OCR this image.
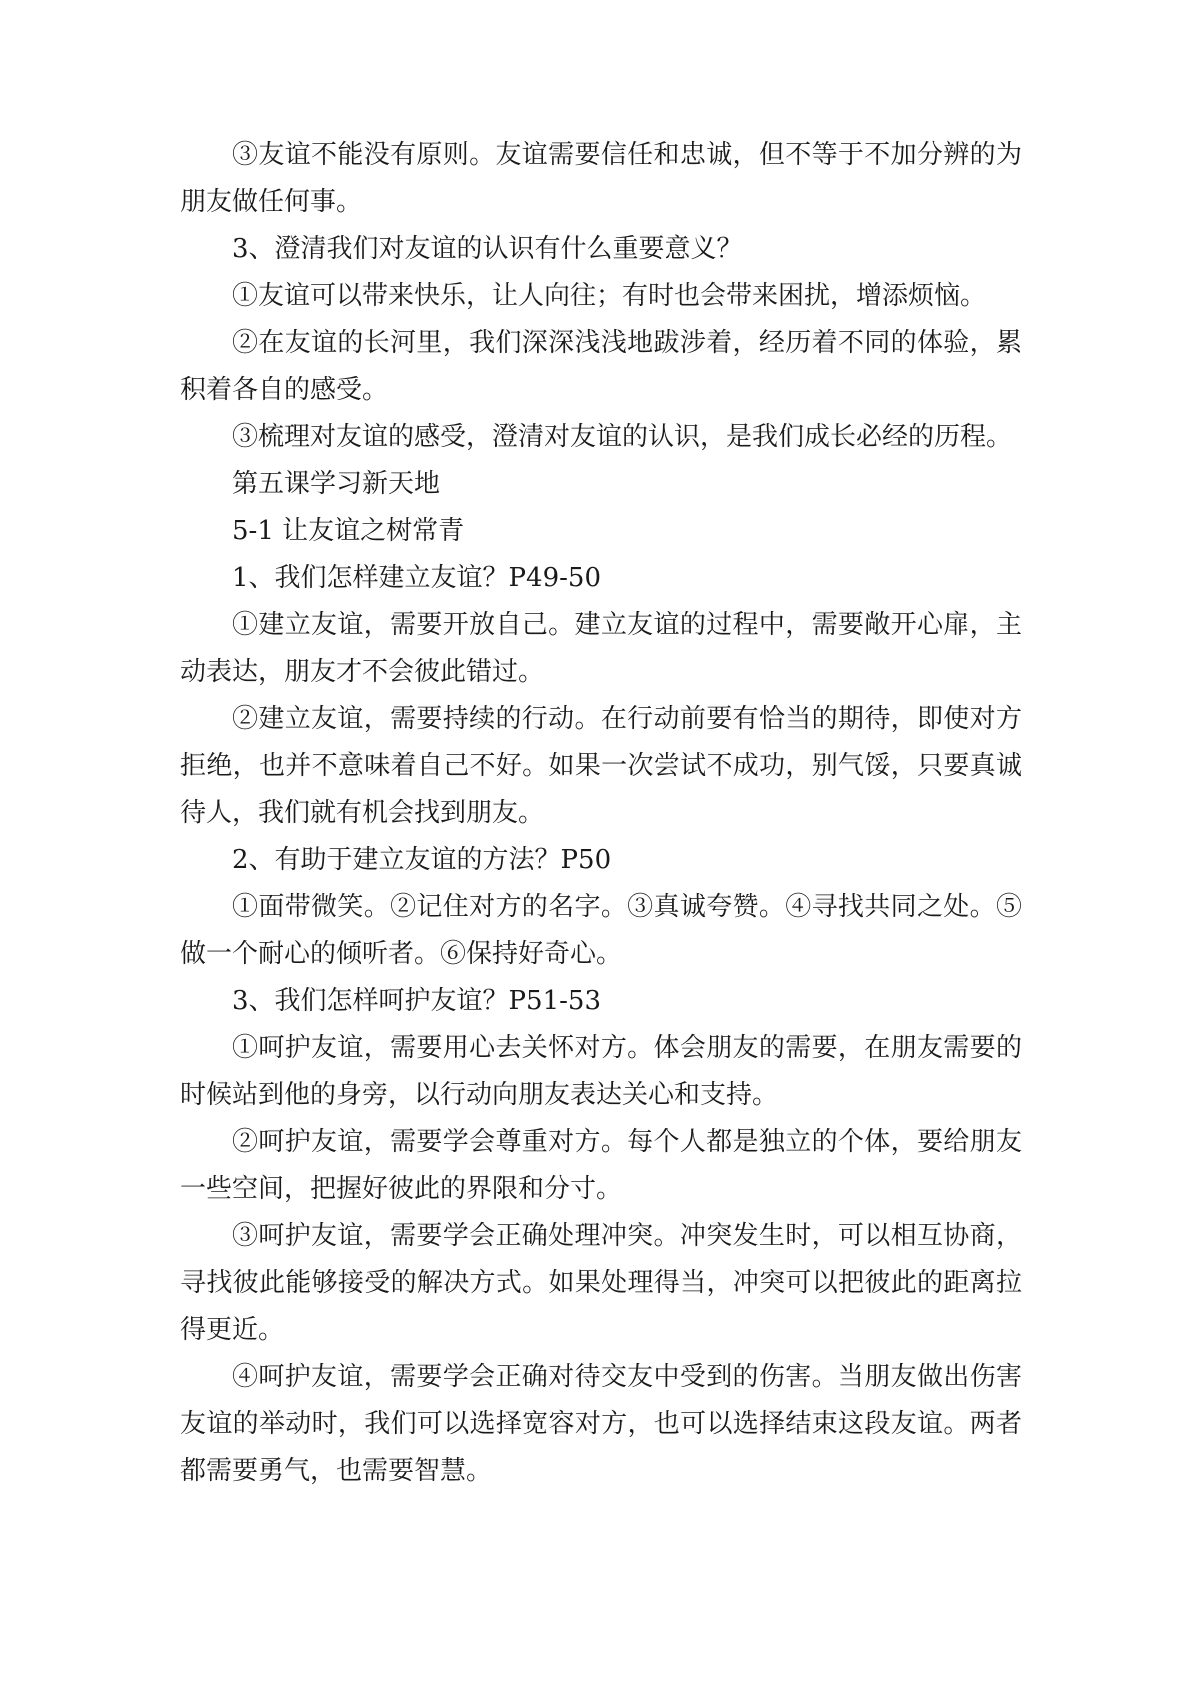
③友谊不能没有原则。友谊需要信任和忠诚，但不等于不加分辨的为朋友做任何事。

3、澄清我们对友谊的认识有什么重要意义？

①友谊可以带来快乐，让人向往；有时也会带来困扰，增添烦恼。

②在友谊的长河里，我们深深浅浅地跋涉着，经历着不同的体验，累积着各自的感受。

③梳理对友谊的感受，澄清对友谊的认识，是我们成长必经的历程。

第五课学习新天地

5-1 让友谊之树常青

1、我们怎样建立友谊？P49-50

①建立友谊，需要开放自己。建立友谊的过程中，需要敞开心扉，主动表达，朋友才不会彼此错过。

②建立友谊，需要持续的行动。在行动前要有恰当的期待，即使对方拒绝，也并不意味着自己不好。如果一次尝试不成功，别气馁，只要真诚待人，我们就有机会找到朋友。

2、有助于建立友谊的方法？P50

①面带微笑。②记住对方的名字。③真诚夸赞。④寻找共同之处。⑤做一个耐心的倾听者。⑥保持好奇心。

3、我们怎样呵护友谊？P51-53

①呵护友谊，需要用心去关怀对方。体会朋友的需要，在朋友需要的时候站到他的身旁，以行动向朋友表达关心和支持。

②呵护友谊，需要学会尊重对方。每个人都是独立的个体，要给朋友一些空间，把握好彼此的界限和分寸。

③呵护友谊，需要学会正确处理冲突。冲突发生时，可以相互协商，寻找彼此能够接受的解决方式。如果处理得当，冲突可以把彼此的距离拉得更近。

④呵护友谊，需要学会正确对待交友中受到的伤害。当朋友做出伤害友谊的举动时，我们可以选择宽容对方，也可以选择结束这段友谊。两者都需要勇气，也需要智慧。
